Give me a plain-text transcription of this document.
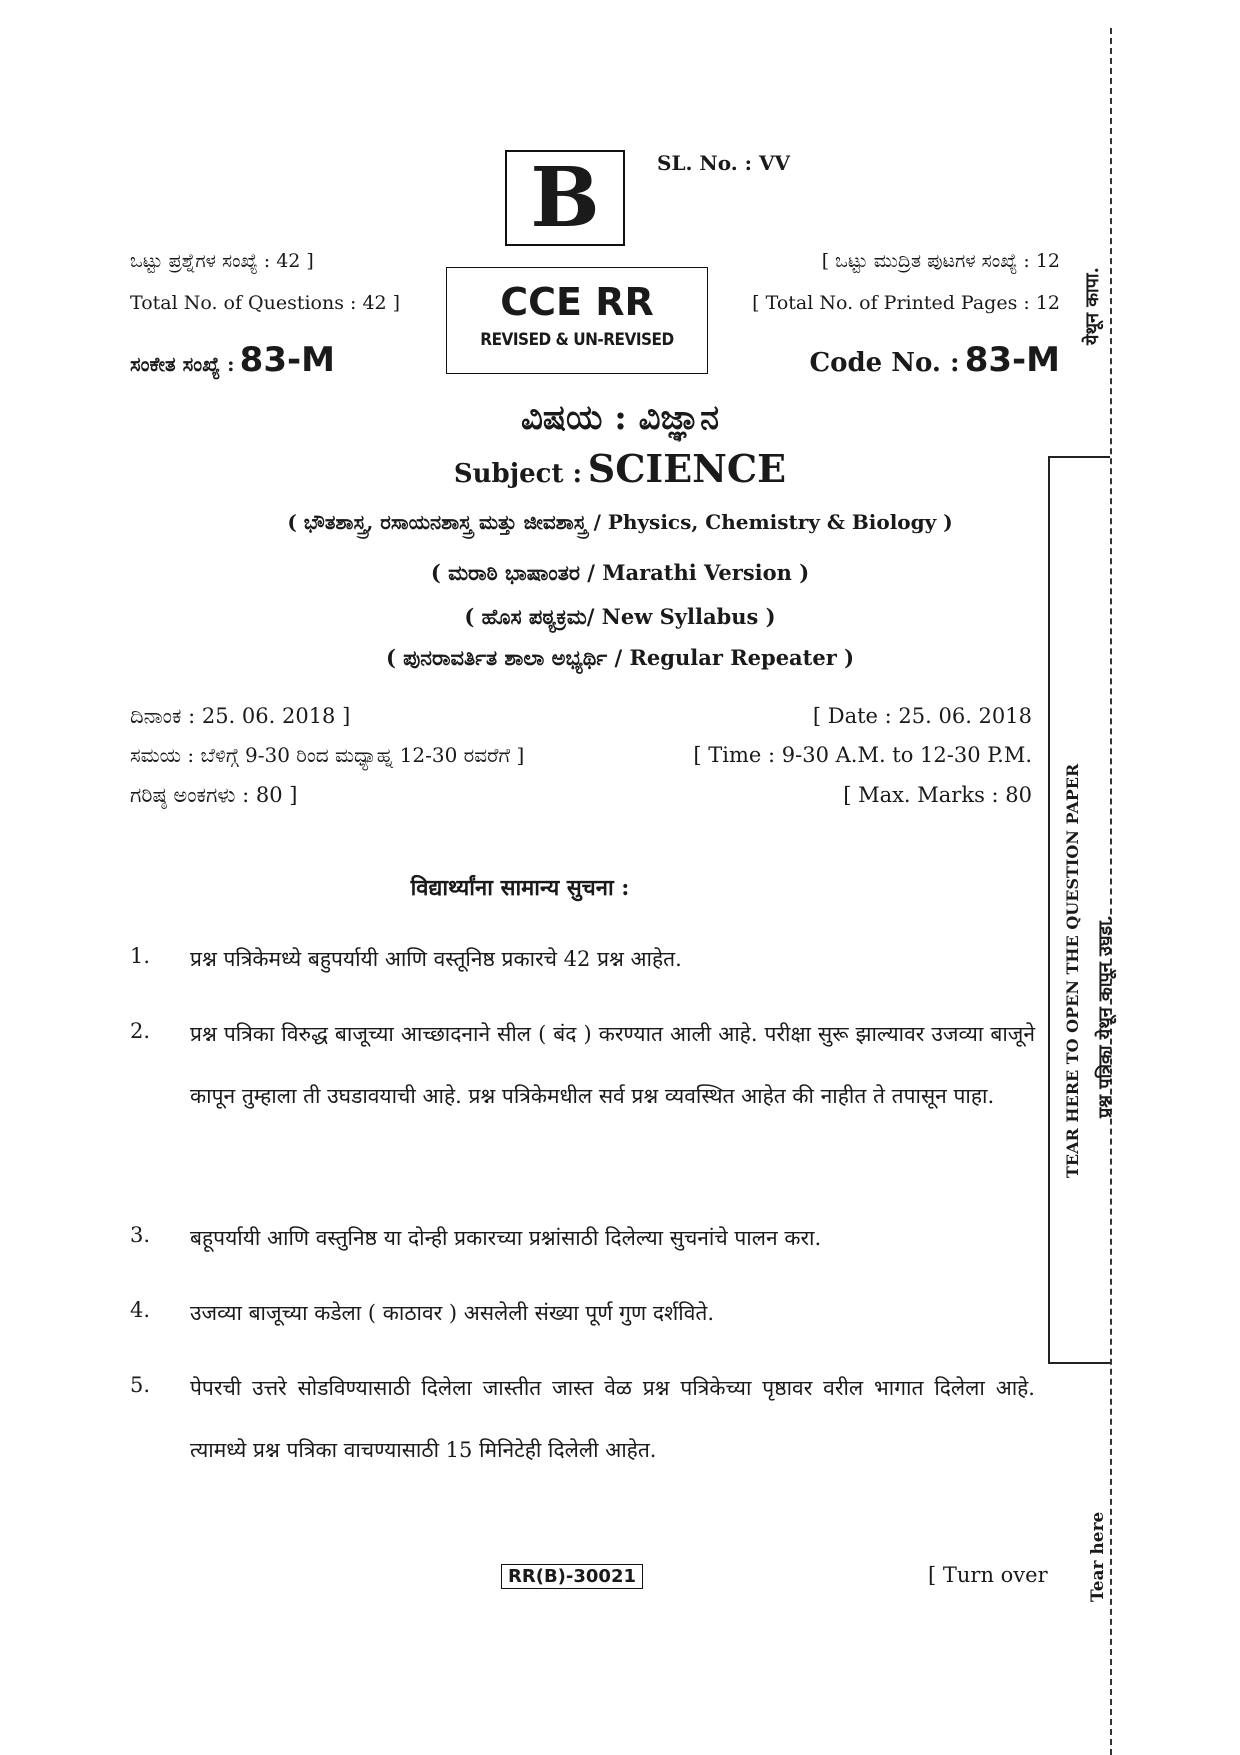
B	SL. No. : VV
ಒಟ್ಟು ಪ್ರಶ್ನೆಗಳ ಸಂಖ್ಯೆ : 42 ]
Total No. of Questions : 42 ]
ಸಂಕೇತ ಸಂಖ್ಯೆ : 83-M
CCE RR
REVISED & UN-REVISED
[ ಒಟ್ಟು ಮುದ್ರಿತ ಪುಟಗಳ ಸಂಖ್ಯೆ : 12
[ Total No. of Printed Pages : 12
Code No. : 83-M
ವಿಷಯ : ವಿಜ್ಞಾನ
Subject : SCIENCE
( ಭೌತಶಾಸ್ತ್ರ, ರಸಾಯನಶಾಸ್ತ್ರ ಮತ್ತು ಜೀವಶಾಸ್ತ್ರ / Physics, Chemistry & Biology )
( ಮರಾಠಿ ಭಾಷಾಂತರ / Marathi Version )
( ಹೊಸ ಪಠ್ಯಕ್ರಮ/ New Syllabus )
( ಪುನರಾವರ್ತಿತ ಶಾಲಾ ಅಭ್ಯರ್ಥಿ / Regular Repeater )
ದಿನಾಂಕ : 25. 06. 2018 ]
ಸಮಯ : ಬೆಳಿಗ್ಗೆ 9-30 ರಿಂದ ಮಧ್ಯಾಹ್ನ 12-30 ರವರೆಗೆ ]
ಗರಿಷ್ಠ ಅಂಕಗಳು : 80 ]
[ Date : 25. 06. 2018
[ Time : 9-30 A.M. to 12-30 P.M.
[ Max. Marks : 80
विद्यार्थ्यांना सामान्य सुचना :
1. प्रश्न पत्रिकेमध्ये बहुपर्यायी आणि वस्तूनिष्ठ प्रकारचे 42 प्रश्न आहेत.
2. प्रश्न पत्रिका विरुद्ध बाजूच्या आच्छादनाने सील ( बंद ) करण्यात आली आहे. परीक्षा सुरू झाल्यावर उजव्या बाजूने कापून तुम्हाला ती उघडावयाची आहे. प्रश्न पत्रिकेमधील सर्व प्रश्न व्यवस्थित आहेत की नाहीत ते तपासून पाहा.
3. बहूपर्यायी आणि वस्तुनिष्ठ या दोन्ही प्रकारच्या प्रश्नांसाठी दिलेल्या सुचनांचे पालन करा.
4. उजव्या बाजूच्या कडेला ( काठावर ) असलेली संख्या पूर्ण गुण दर्शविते.
5. पेपरची उत्तरे सोडविण्यासाठी दिलेला जास्तीत जास्त वेळ प्रश्न पत्रिकेच्या पृष्ठावर वरील भागात दिलेला आहे. त्यामध्ये प्रश्न पत्रिका वाचण्यासाठी 15 मिनिटेही दिलेली आहेत.
RR(B)-30021	[ Turn over
येथून कापा.
TEAR HERE TO OPEN THE QUESTION PAPER प्रश्न पत्रिका येथून कापून उघडा.
Tear here
